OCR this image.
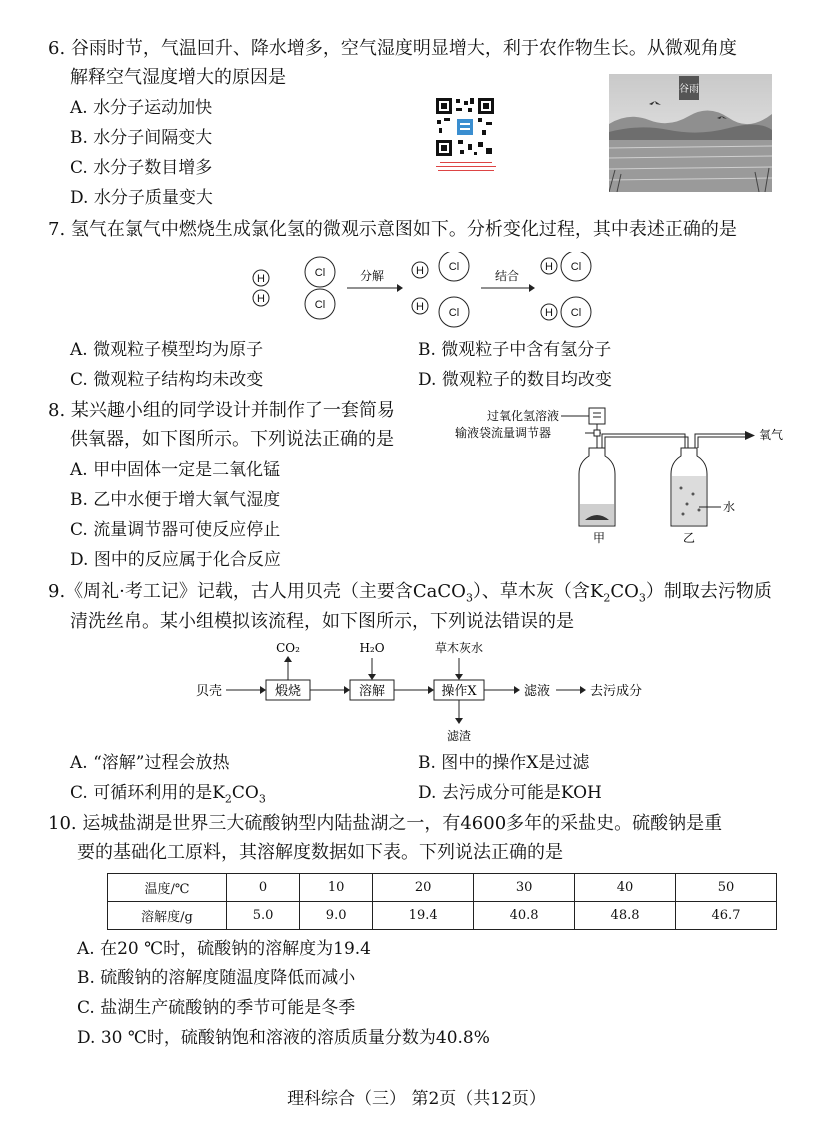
6. 谷雨时节，气温回升、降水增多，空气湿度明显增大，利于农作物生长。从微观角度
解释空气湿度增大的原因是
A. 水分子运动加快
B. 水分子间隔变大
C. 水分子数目增多
D. 水分子质量变大
谷雨
7. 氢气在氯气中燃烧生成氯化氢的微观示意图如下。分析变化过程，其中表述正确的是
H
H
Cl
Cl
H Cl
H Cl
H Cl
H Cl
分解	结合
A. 微观粒子模型均为原子	B. 微观粒子中含有氢分子
C. 微观粒子结构均未改变	D. 微观粒子的数目均改变
8. 某兴趣小组的同学设计并制作了一套简易
供氧器，如下图所示。下列说法正确的是
A. 甲中固体一定是二氧化锰
B. 乙中水便于增大氧气湿度
C. 流量调节器可使反应停止
D. 图中的反应属于化合反应
过氧化氢溶液
输液袋流量调节器	氧气
水
甲	乙
9.《周礼·考工记》记载，古人用贝壳（主要含CaCO$_3$）、草木灰（含$K_2CO_3$）制取去污物质
清洗丝帛。某小组模拟该流程，如下图所示，下列说法错误的是
贝壳	煅烧
CO₂
溶解
H₂O
操作X
草木灰水
滤渣
滤液	去污成分
A. “溶解”过程会放热	B. 图中的操作X是过滤
C. 可循环利用的是$K_2CO_3$	D. 去污成分可能是KOH
10. 运城盐湖是世界三大硫酸钠型内陆盐湖之一，有4600多年的采盐史。硫酸钠是重
要的基础化工原料，其溶解度数据如下表。下列说法正确的是
温度/℃	0	10	20	30	40	50
溶解度/g	5.0	9.0	19.4	40.8	48.8	46.7
A. 在20 ℃时，硫酸钠的溶解度为19.4
B. 硫酸钠的溶解度随温度降低而减小
C. 盐湖生产硫酸钠的季节可能是冬季
D. 30 ℃时，硫酸钠饱和溶液的溶质质量分数为40.8%
理科综合（三） 第2页（共12页）
